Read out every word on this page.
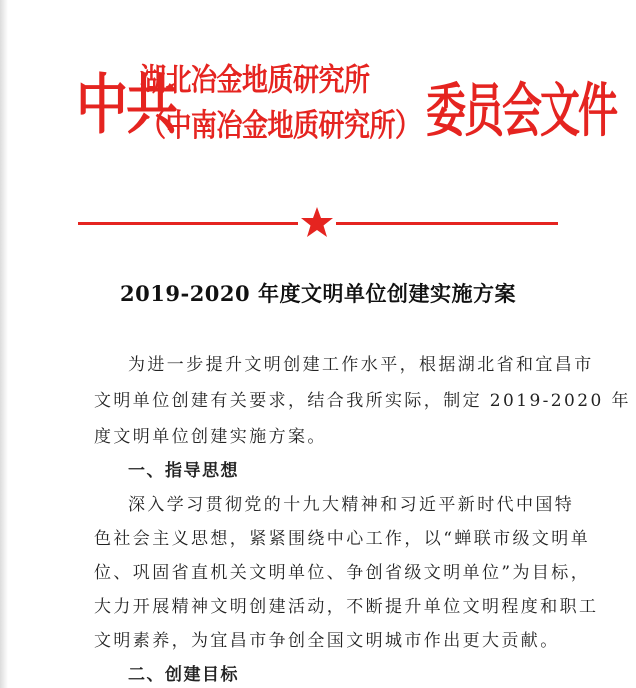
中共
湖北冶金地质研究所
（中南冶金地质研究所） 委员会文件
2019-2020 年度文明单位创建实施方案
为进一步提升文明创建工作水平，根据湖北省和宜昌市
文明单位创建有关要求，结合我所实际，制定 2019-2020 年
度文明单位创建实施方案。
一、指导思想
深入学习贯彻党的十九大精神和习近平新时代中国特
色社会主义思想，紧紧围绕中心工作，以“蝉联市级文明单
位、巩固省直机关文明单位、争创省级文明单位”为目标，
大力开展精神文明创建活动，不断提升单位文明程度和职工
文明素养，为宜昌市争创全国文明城市作出更大贡献。
二、创建目标
